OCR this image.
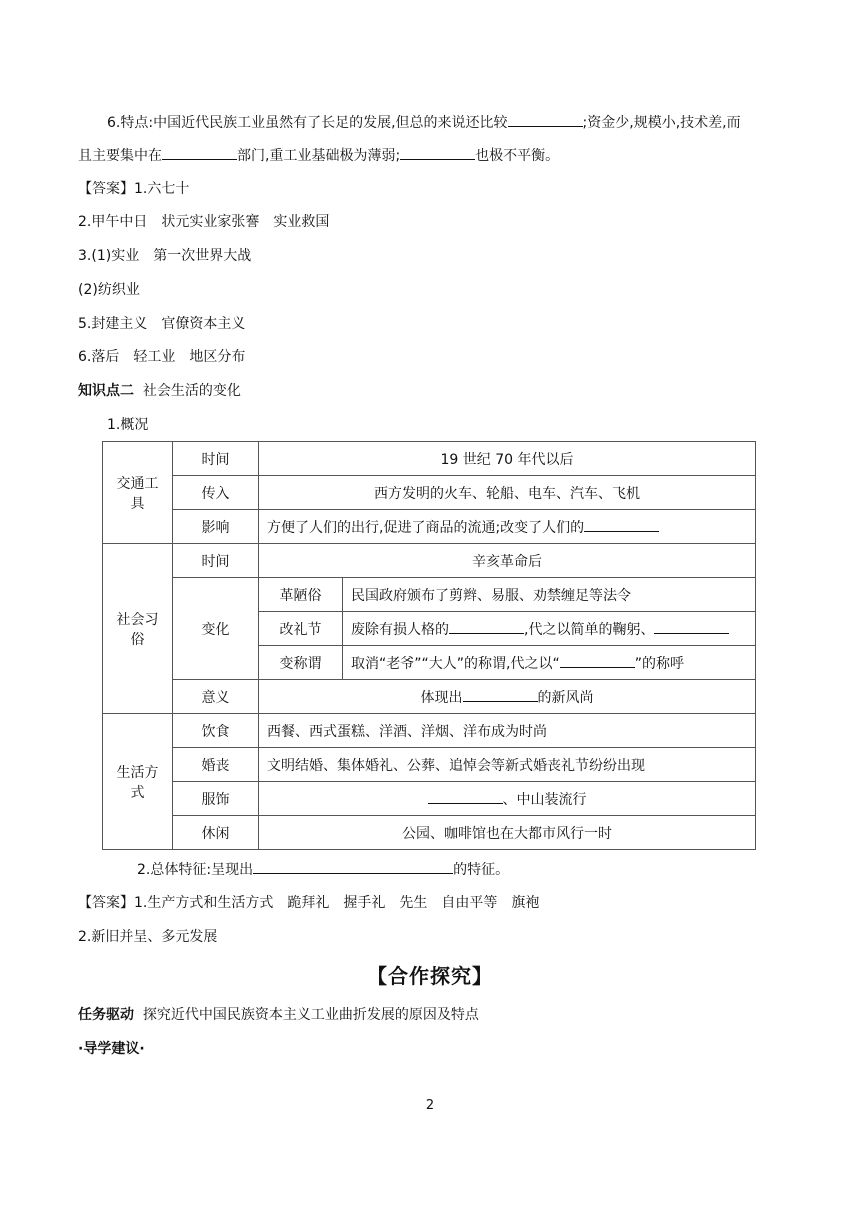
6.特点:中国近代民族工业虽然有了长足的发展,但总的来说还比较	;资金少,规模小,技术差,而
且主要集中在	部门,重工业基础极为薄弱;	也极不平衡。
【答案】1.六七十
2.甲午中日　状元实业家张謇　实业救国
3.(1)实业　第一次世界大战
(2)纺织业
5.封建主义　官僚资本主义
6.落后　轻工业　地区分布
知识点二 社会生活的变化
1.概况
交通工具	时间	19 世纪 70 年代以后	
	传入	西方发明的火车、轮船、电车、汽车、飞机	
	影响	方便了人们的出行,促进了商品的流通;改变了人们的	
社会习俗	时间	辛亥革命后	
	变化	革陋俗	民国政府颁布了剪辫、易服、劝禁缠足等法令
		改礼节	废除有损人格的 ,代之以简单的鞠躬、
		变称谓	取消“老爷”“大人”的称谓,代之以“ ”的称呼
	意义	体现出 的新风尚	
生活方式	饮食	西餐、西式蛋糕、洋酒、洋烟、洋布成为时尚	
	婚丧	文明结婚、集体婚礼、公葬、追悼会等新式婚丧礼节纷纷出现	
	服饰	、中山装流行	
	休闲	公园、咖啡馆也在大都市风行一时	
2.总体特征:呈现出	的特征。
【答案】1.生产方式和生活方式　跪拜礼　握手礼　先生　自由平等　旗袍
2.新旧并呈、多元发展
【合作探究】
任务驱动 探究近代中国民族资本主义工业曲折发展的原因及特点
·导学建议·
2
